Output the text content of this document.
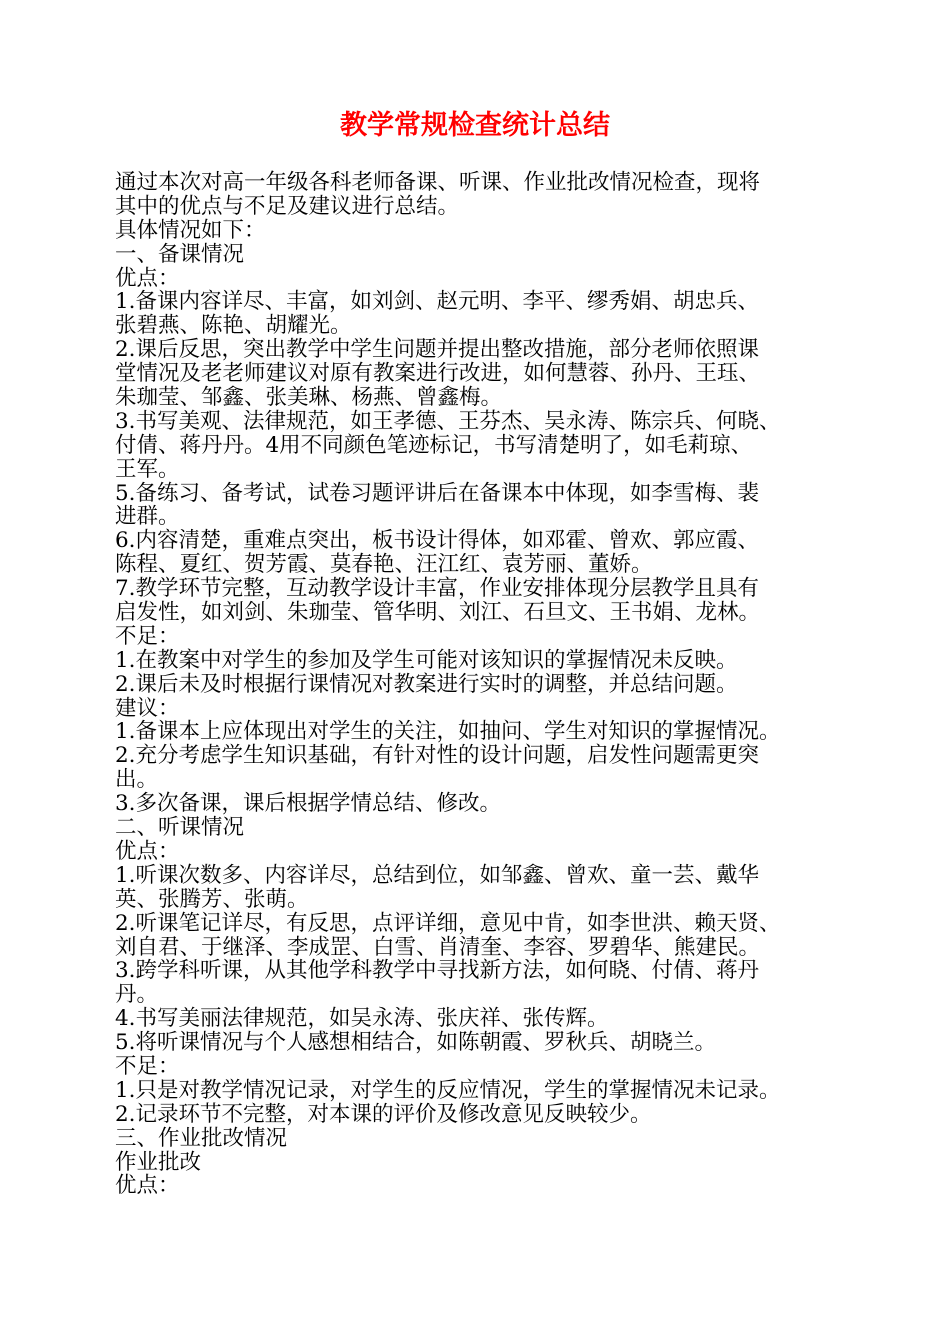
教学常规检查统计总结
通过本次对高一年级各科老师备课、听课、作业批改情况检查，现将
其中的优点与不足及建议进行总结。
具体情况如下：
一、备课情况
优点：
1.备课内容详尽、丰富，如刘剑、赵元明、李平、缪秀娟、胡忠兵、
张碧燕、陈艳、胡耀光。
2.课后反思，突出教学中学生问题并提出整改措施，部分老师依照课
堂情况及老老师建议对原有教案进行改进，如何慧蓉、孙丹、王珏、
朱珈莹、邹鑫、张美琳、杨燕、曾鑫梅。
3.书写美观、法律规范，如王孝德、王芬杰、吴永涛、陈宗兵、何晓、
付倩、蒋丹丹。4用不同颜色笔迹标记，书写清楚明了，如毛莉琼、
王军。
5.备练习、备考试，试卷习题评讲后在备课本中体现，如李雪梅、裴
进群。
6.内容清楚，重难点突出，板书设计得体，如邓霍、曾欢、郭应霞、
陈程、夏红、贺芳霞、莫春艳、汪江红、袁芳丽、董娇。
7.教学环节完整，互动教学设计丰富，作业安排体现分层教学且具有
启发性，如刘剑、朱珈莹、管华明、刘江、石旦文、王书娟、龙林。
不足：
1.在教案中对学生的参加及学生可能对该知识的掌握情况未反映。
2.课后未及时根据行课情况对教案进行实时的调整，并总结问题。
建议：
1.备课本上应体现出对学生的关注，如抽问、学生对知识的掌握情况。
2.充分考虑学生知识基础，有针对性的设计问题，启发性问题需更突
出。
3.多次备课，课后根据学情总结、修改。
二、听课情况
优点：
1.听课次数多、内容详尽，总结到位，如邹鑫、曾欢、童一芸、戴华
英、张腾芳、张萌。
2.听课笔记详尽，有反思，点评详细，意见中肯，如李世洪、赖天贤、
刘自君、于继泽、李成罡、白雪、肖清奎、李容、罗碧华、熊建民。
3.跨学科听课，从其他学科教学中寻找新方法，如何晓、付倩、蒋丹
丹。
4.书写美丽法律规范，如吴永涛、张庆祥、张传辉。
5.将听课情况与个人感想相结合，如陈朝霞、罗秋兵、胡晓兰。
不足：
1.只是对教学情况记录，对学生的反应情况，学生的掌握情况未记录。
2.记录环节不完整，对本课的评价及修改意见反映较少。
三、作业批改情况
作业批改
优点：
